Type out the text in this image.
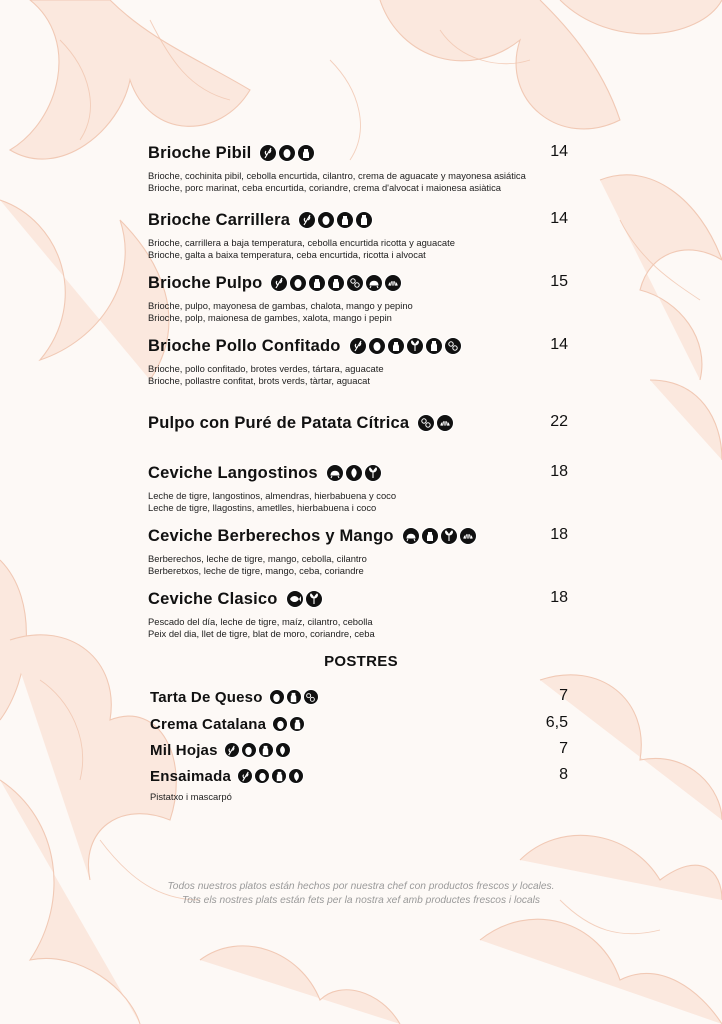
Brioche Pibil	14
Brioche, cochinita pibil, cebolla encurtida, cilantro, crema de aguacate y mayonesa asiática
Brioche, porc marinat, ceba encurtida, coriandre, crema d'alvocat i maionesa asiàtica
Brioche Carrillera	14
Brioche, carrillera a baja temperatura, cebolla encurtida ricotta y aguacate
Brioche, galta a baixa temperatura, ceba encurtida, ricotta i alvocat
Brioche Pulpo	15
Brioche, pulpo, mayonesa de gambas, chalota, mango y pepino
Brioche, polp, maionesa de gambes, xalota, mango i pepin
Brioche Pollo Confitado	14
Brioche, pollo confitado, brotes verdes, tártara, aguacate
Brioche, pollastre confitat, brots verds, tàrtar, aguacat
Pulpo con Puré de Patata Cítrica	22
Ceviche Langostinos	18
Leche de tigre, langostinos, almendras, hierbabuena y coco
Leche de tigre, llagostins, ametlles, hierbabuena i coco
Ceviche Berberechos y Mango	18
Berberechos, leche de tigre, mango, cebolla, cilantro
Berberetxos, leche de tigre, mango, ceba, coriandre
Ceviche Clasico	18
Pescado del día, leche de tigre, maíz, cilantro, cebolla
Peix del dia, llet de tigre, blat de moro, coriandre, ceba
POSTRES
Tarta De Queso	7
Crema Catalana	6,5
Mil Hojas	7
Ensaimada	8
Pistatxo i mascarpó
Todos nuestros platos están hechos por nuestra chef con productos frescos y locales.
Tots els nostres plats están fets per la nostra xef amb productes frescos i locals
